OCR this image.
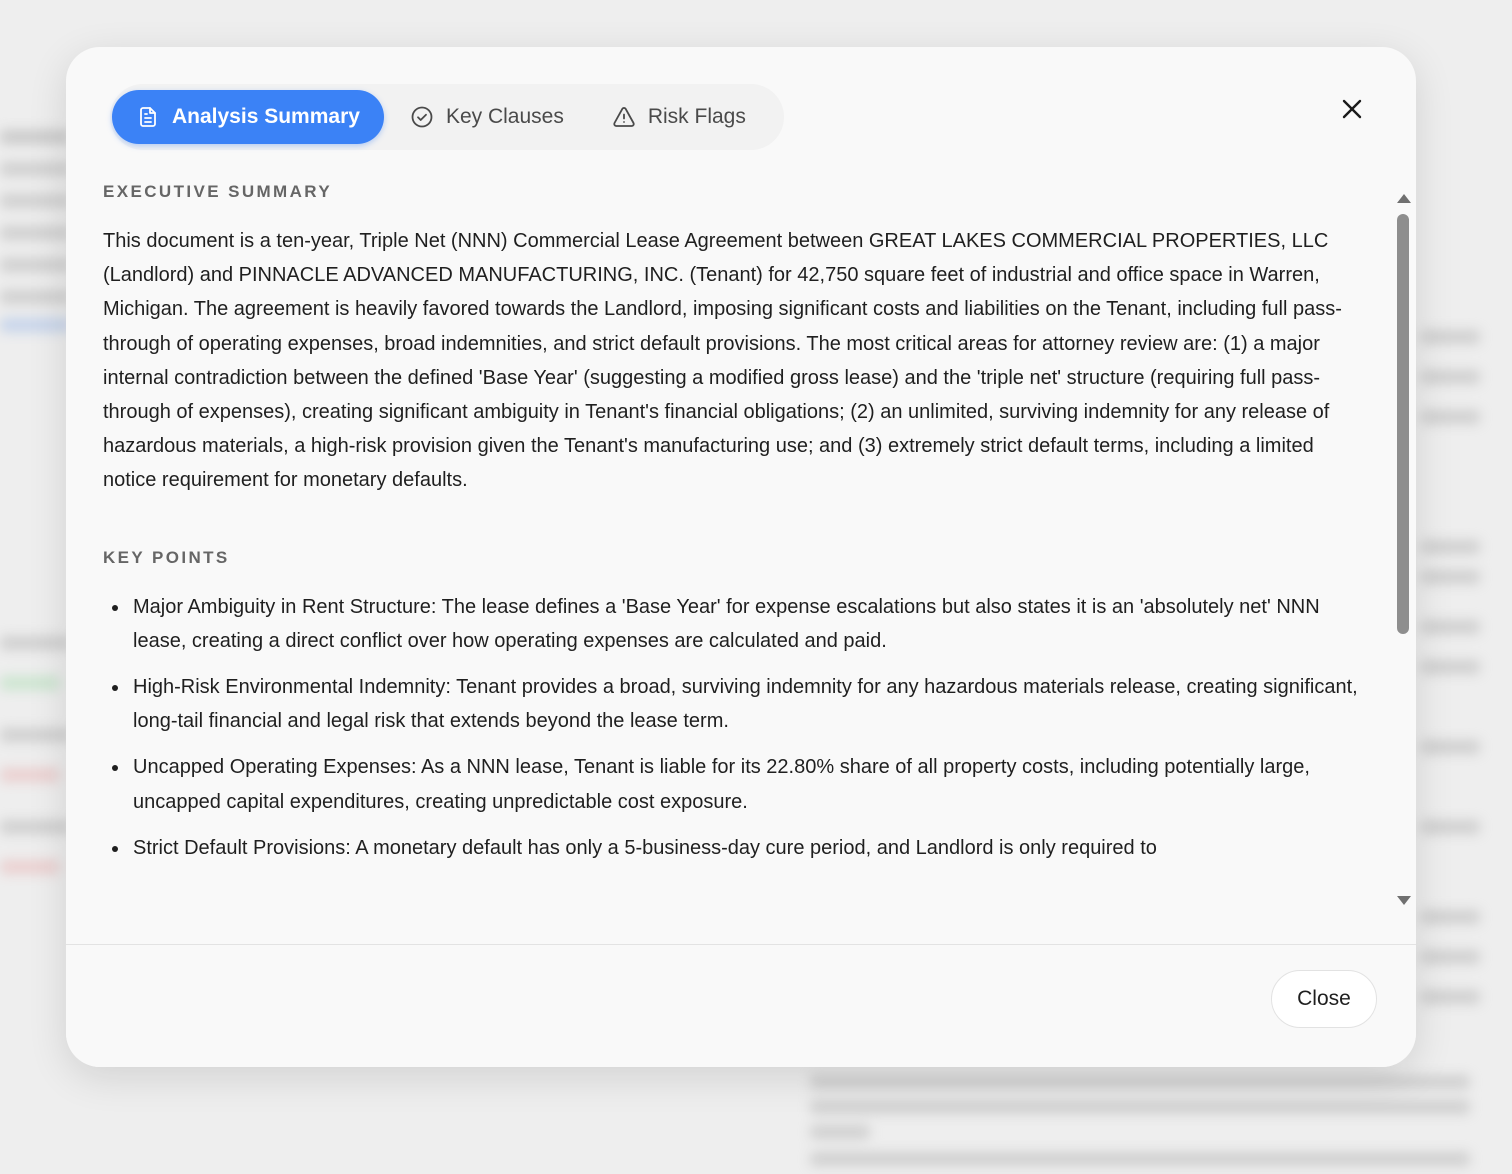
Analysis Summary	Key Clauses	Risk Flags
EXECUTIVE SUMMARY

This document is a ten-year, Triple Net (NNN) Commercial Lease Agreement between GREAT LAKES COMMERCIAL PROPERTIES, LLC (Landlord) and PINNACLE ADVANCED MANUFACTURING, INC. (Tenant) for 42,750 square feet of industrial and office space in Warren, Michigan. The agreement is heavily favored towards the Landlord, imposing significant costs and liabilities on the Tenant, including full pass-through of operating expenses, broad indemnities, and strict default provisions. The most critical areas for attorney review are: (1) a major internal contradiction between the defined 'Base Year' (suggesting a modified gross lease) and the 'triple net' structure (requiring full pass-through of expenses), creating significant ambiguity in Tenant's financial obligations; (2) an unlimited, surviving indemnity for any release of hazardous materials, a high-risk provision given the Tenant's manufacturing use; and (3) extremely strict default terms, including a limited notice requirement for monetary defaults.

KEY POINTS
Major Ambiguity in Rent Structure: The lease defines a 'Base Year' for expense escalations but also states it is an 'absolutely net' NNN lease, creating a direct conflict over how operating expenses are calculated and paid.
High-Risk Environmental Indemnity: Tenant provides a broad, surviving indemnity for any hazardous materials release, creating significant, long-tail financial and legal risk that extends beyond the lease term.
Uncapped Operating Expenses: As a NNN lease, Tenant is liable for its 22.80% share of all property costs, including potentially large, uncapped capital expenditures, creating unpredictable cost exposure.
Strict Default Provisions: A monetary default has only a 5-business-day cure period, and Landlord is only required to
Close
